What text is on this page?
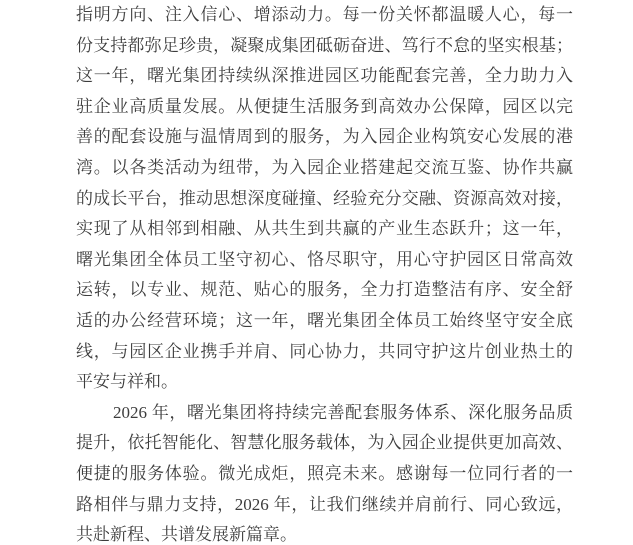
指明方向、注入信心、增添动力。每一份关怀都温暖人心，每一
份支持都弥足珍贵，凝聚成集团砥砺奋进、笃行不怠的坚实根基；
这一年，曙光集团持续纵深推进园区功能配套完善，全力助力入
驻企业高质量发展。从便捷生活服务到高效办公保障，园区以完
善的配套设施与温情周到的服务，为入园企业构筑安心发展的港
湾。以各类活动为纽带，为入园企业搭建起交流互鉴、协作共赢
的成长平台，推动思想深度碰撞、经验充分交融、资源高效对接，
实现了从相邻到相融、从共生到共赢的产业生态跃升；这一年，
曙光集团全体员工坚守初心、恪尽职守，用心守护园区日常高效
运转，以专业、规范、贴心的服务，全力打造整洁有序、安全舒
适的办公经营环境；这一年，曙光集团全体员工始终坚守安全底
线，与园区企业携手并肩、同心协力，共同守护这片创业热土的
平安与祥和。
2026 年，曙光集团将持续完善配套服务体系、深化服务品质
提升，依托智能化、智慧化服务载体，为入园企业提供更加高效、
便捷的服务体验。微光成炬，照亮未来。感谢每一位同行者的一
路相伴与鼎力支持，2026 年，让我们继续并肩前行、同心致远，
共赴新程、共谱发展新篇章。
